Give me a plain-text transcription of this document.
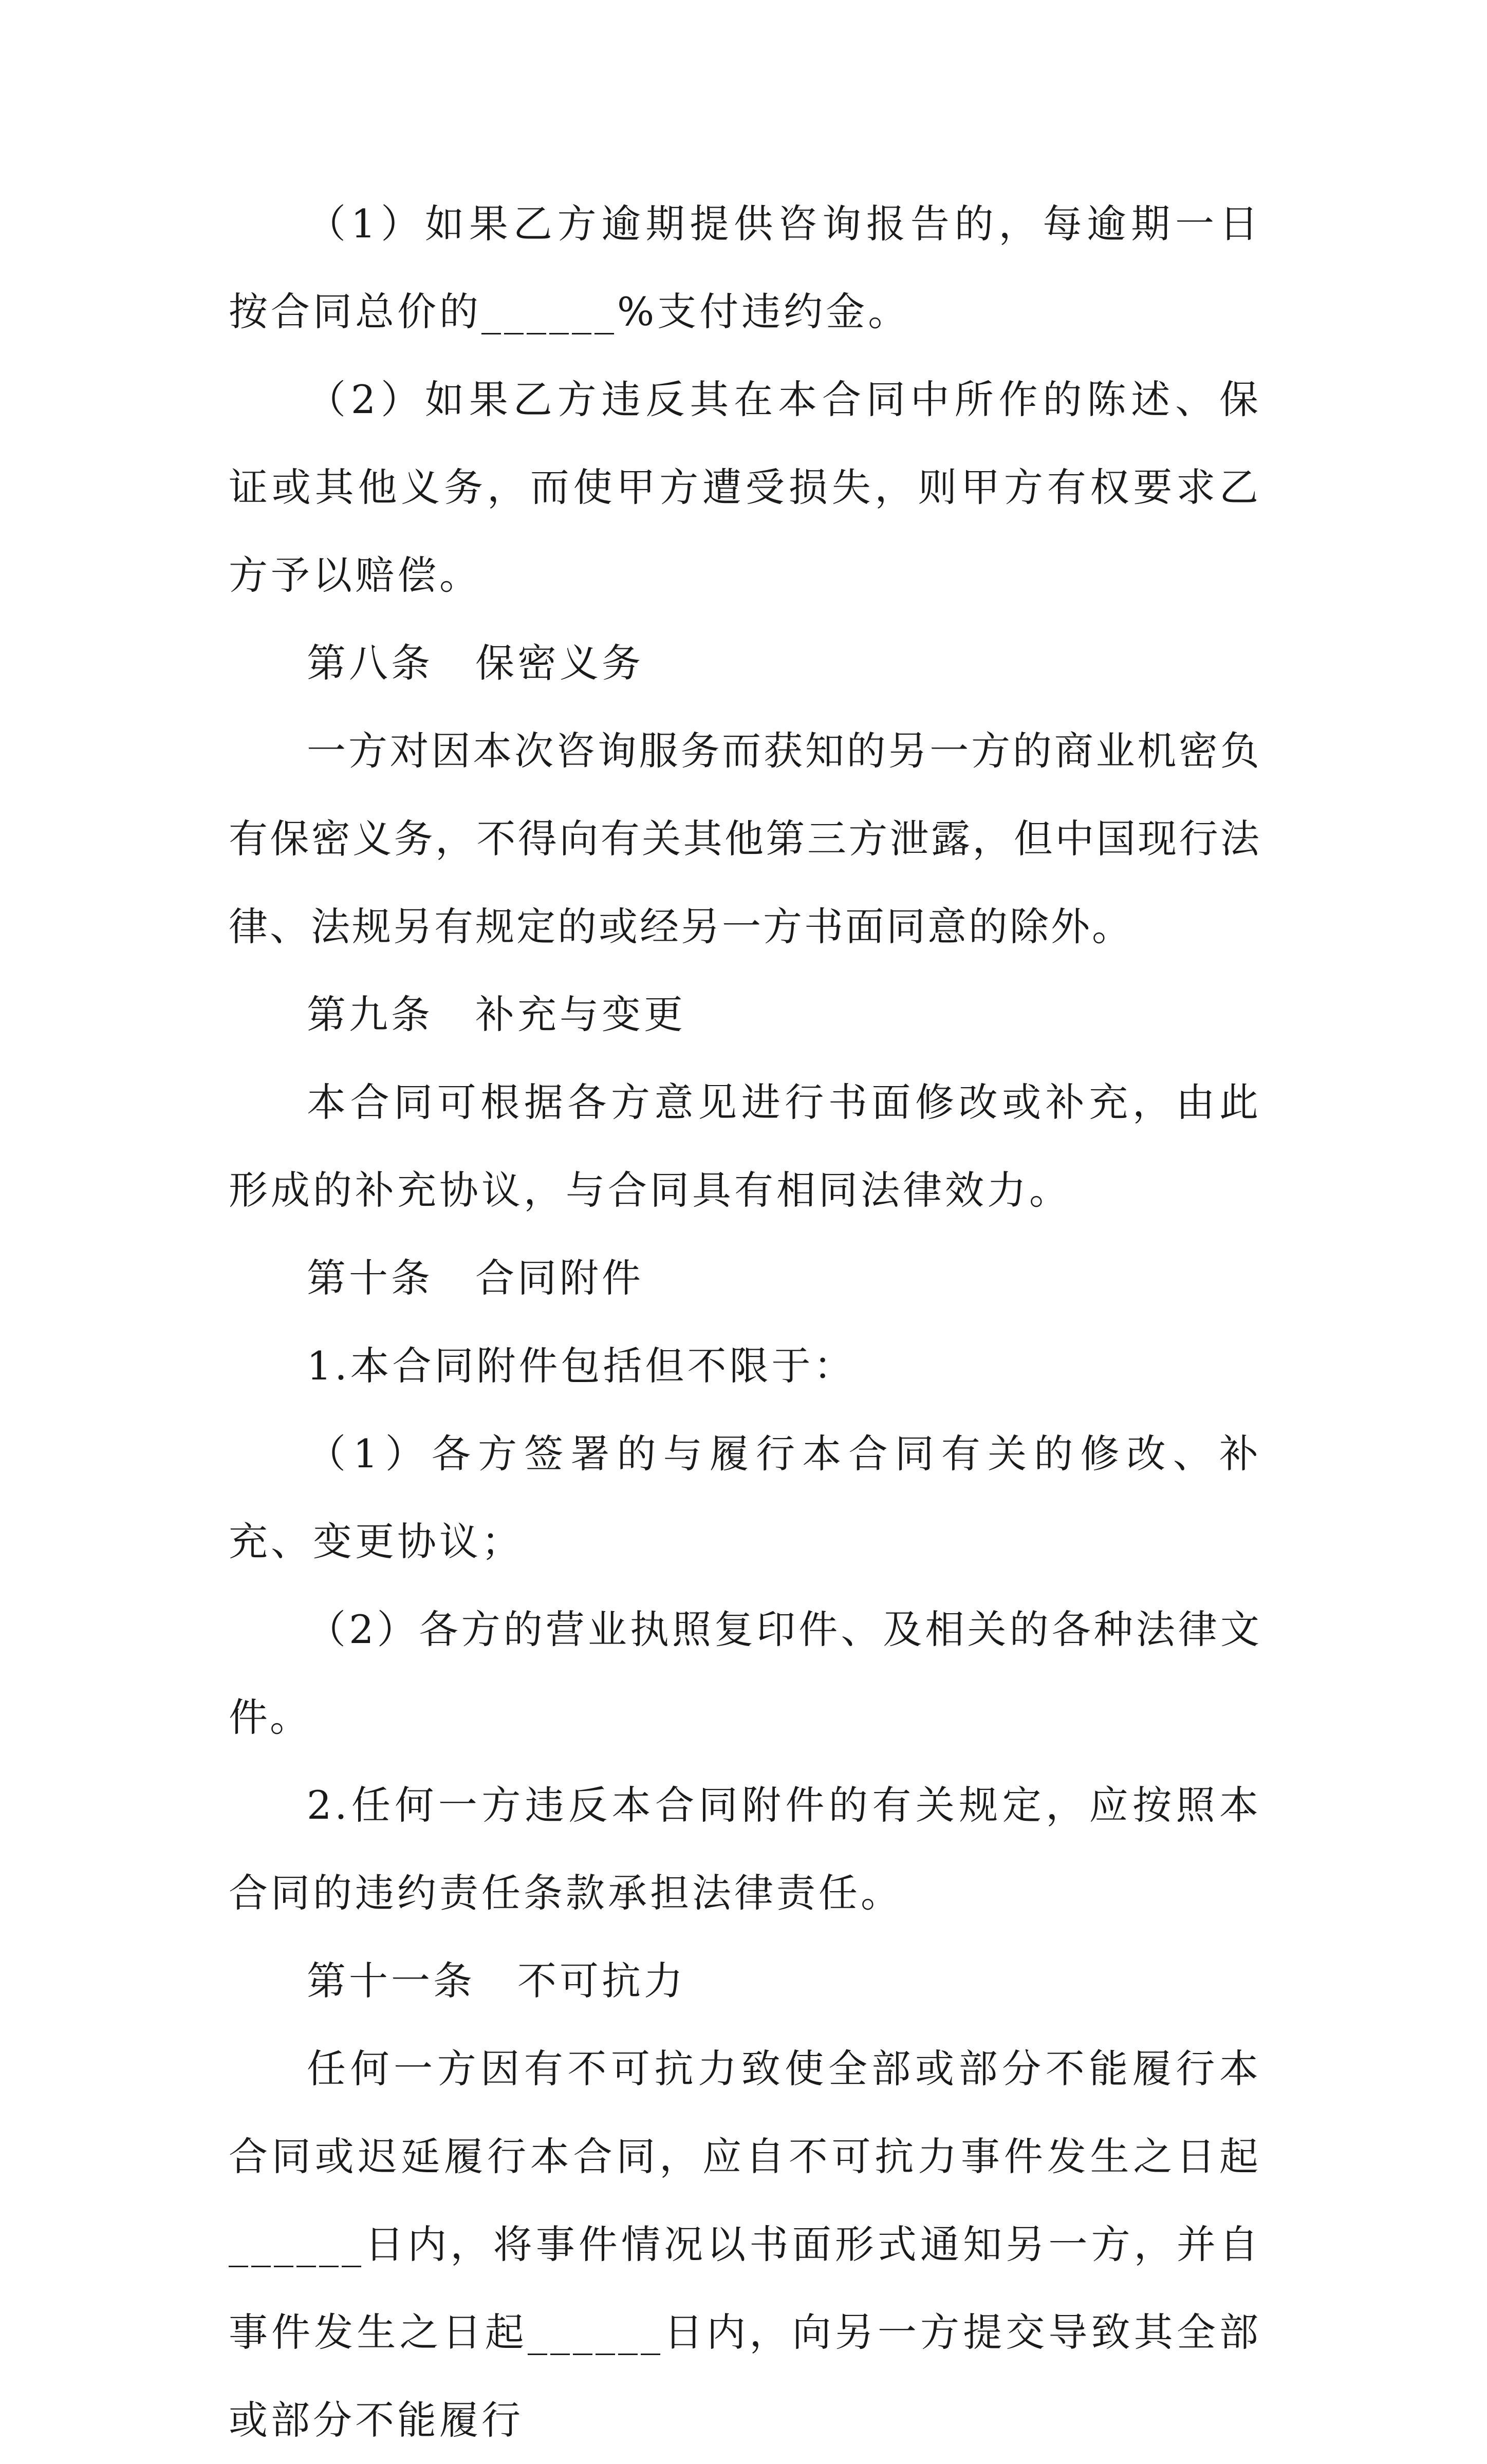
（1）如果乙方逾期提供咨询报告的，每逾期一日按合同总价的______%支付违约金。

（2）如果乙方违反其在本合同中所作的陈述、保证或其他义务，而使甲方遭受损失，则甲方有权要求乙方予以赔偿。

第八条　保密义务

一方对因本次咨询服务而获知的另一方的商业机密负有保密义务，不得向有关其他第三方泄露，但中国现行法律、法规另有规定的或经另一方书面同意的除外。

第九条　补充与变更

本合同可根据各方意见进行书面修改或补充，由此形成的补充协议，与合同具有相同法律效力。

第十条　合同附件

1.本合同附件包括但不限于：

（1）各方签署的与履行本合同有关的修改、补充、变更协议；

（2）各方的营业执照复印件、及相关的各种法律文件。

2.任何一方违反本合同附件的有关规定，应按照本合同的违约责任条款承担法律责任。

第十一条　不可抗力

任何一方因有不可抗力致使全部或部分不能履行本合同或迟延履行本合同，应自不可抗力事件发生之日起______日内，将事件情况以书面形式通知另一方，并自事件发生之日起______日内，向另一方提交导致其全部或部分不能履行
